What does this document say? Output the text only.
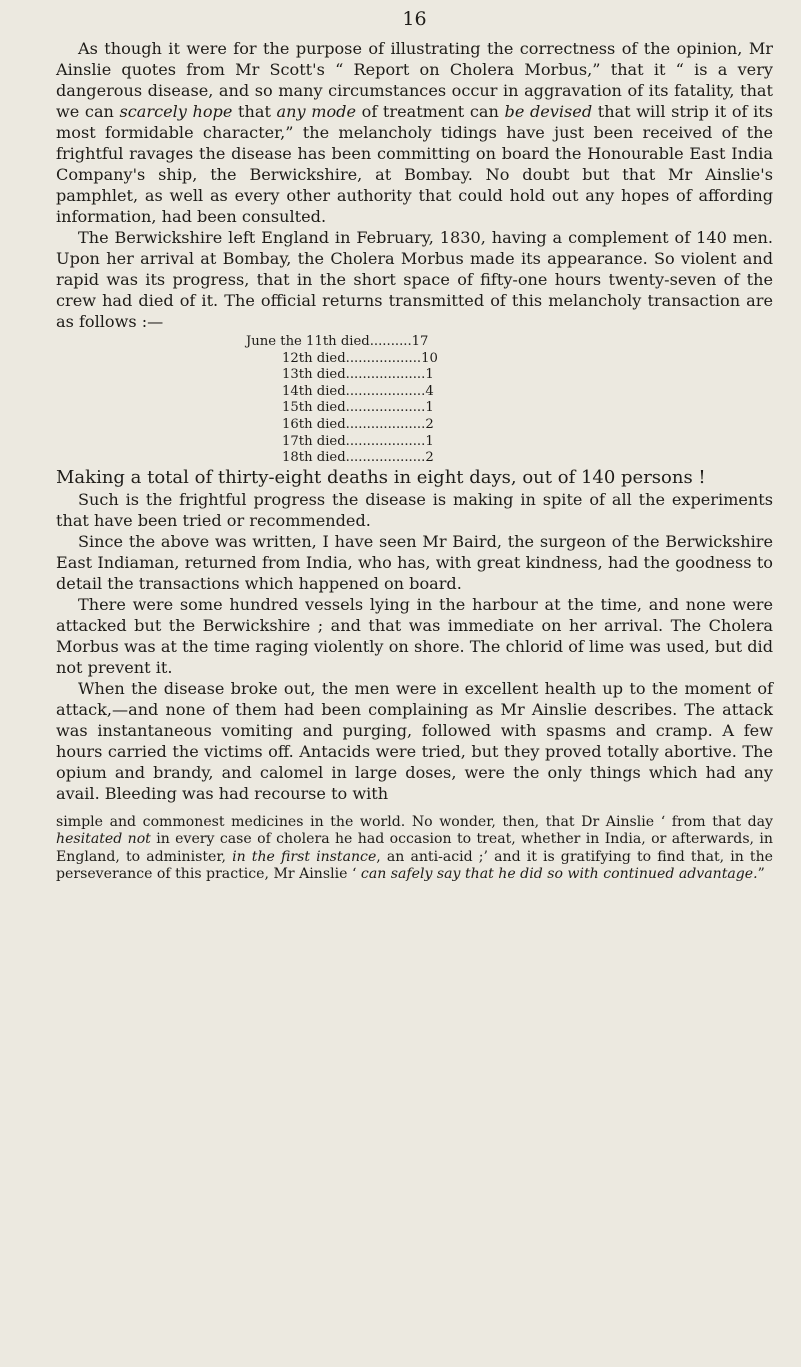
16

As though it were for the purpose of illustrating the correctness of the opinion, Mr Ainslie quotes from Mr Scott's “ Report on Cholera Morbus,” that it “ is a very dangerous disease, and so many circumstances occur in aggravation of its fatality, that we can scarcely hope that any mode of treatment can be devised that will strip it of its most formidable character,” the melancholy tidings have just been received of the frightful ravages the disease has been committing on board the Honourable East India Company's ship, the Berwickshire, at Bombay. No doubt but that Mr Ainslie's pamphlet, as well as every other authority that could hold out any hopes of affording information, had been consulted.

The Berwickshire left England in February, 1830, having a complement of 140 men. Upon her arrival at Bombay, the Cholera Morbus made its appearance. So violent and rapid was its progress, that in the short space of fifty-one hours twenty-seven of the crew had died of it. The official returns transmitted of this melancholy transaction are as follows :—

June the 11th died .......... 17
12th died .................. 10
13th died ................... 1
14th died ................... 4
15th died ................... 1
16th died ................... 2
17th died ................... 1
18th died ................... 2

Making a total of thirty-eight deaths in eight days, out of 140 persons !

Such is the frightful progress the disease is making in spite of all the experiments that have been tried or recommended.

Since the above was written, I have seen Mr Baird, the surgeon of the Berwickshire East Indiaman, returned from India, who has, with great kindness, had the goodness to detail the transactions which happened on board.

There were some hundred vessels lying in the harbour at the time, and none were attacked but the Berwickshire ; and that was immediate on her arrival. The Cholera Morbus was at the time raging violently on shore. The chlorid of lime was used, but did not prevent it.

When the disease broke out, the men were in excellent health up to the moment of attack,—and none of them had been complaining as Mr Ainslie describes. The attack was instantaneous vomiting and purging, followed with spasms and cramp. A few hours carried the victims off. Antacids were tried, but they proved totally abortive. The opium and brandy, and calomel in large doses, were the only things which had any avail. Bleeding was had recourse to with

simple and commonest medicines in the world. No wonder, then, that Dr Ainslie ‘ from that day hesitated not in every case of cholera he had occasion to treat, whether in India, or afterwards, in England, to administer, in the first instance, an anti-acid ;’ and it is gratifying to find that, in the perseverance of this practice, Mr Ainslie ‘ can safely say that he did so with continued advantage.”
